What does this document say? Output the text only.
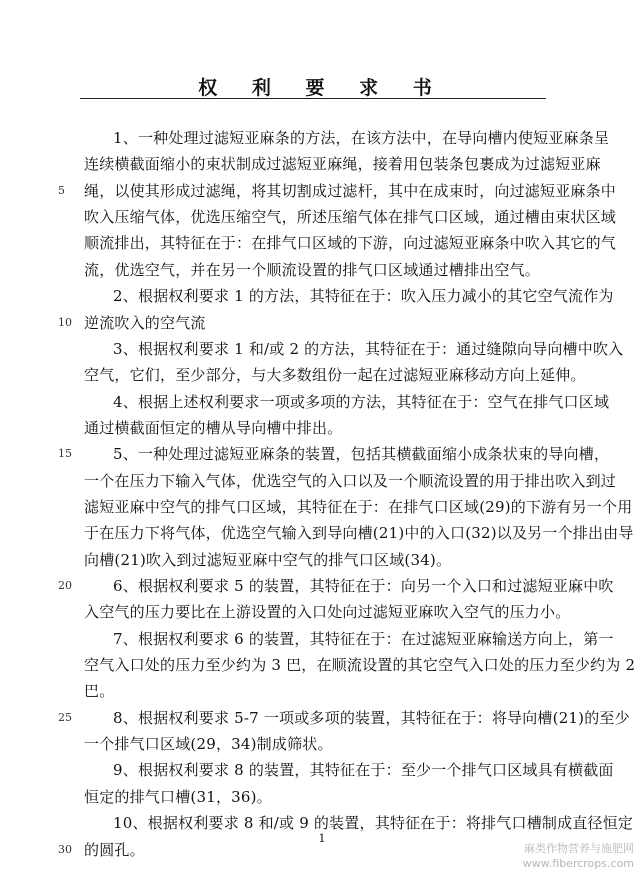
权 利 要 求 书
1、一种处理过滤短亚麻条的方法，在该方法中，在导向槽内使短亚麻条呈
连续横截面缩小的束状制成过滤短亚麻绳，接着用包装条包裹成为过滤短亚麻
绳，以使其形成过滤绳，将其切割成过滤杆，其中在成束时，向过滤短亚麻条中
吹入压缩气体，优选压缩空气，所述压缩气体在排气口区域，通过槽由束状区域
顺流排出，其特征在于：在排气口区域的下游，向过滤短亚麻条中吹入其它的气
流，优选空气，并在另一个顺流设置的排气口区域通过槽排出空气。
2、根据权利要求 1 的方法，其特征在于：吹入压力减小的其它空气流作为
逆流吹入的空气流
3、根据权利要求 1 和/或 2 的方法，其特征在于：通过缝隙向导向槽中吹入
空气，它们，至少部分，与大多数组份一起在过滤短亚麻移动方向上延伸。
4、根据上述权利要求一项或多项的方法，其特征在于：空气在排气口区域
通过横截面恒定的槽从导向槽中排出。
5、一种处理过滤短亚麻条的装置，包括其横截面缩小成条状束的导向槽，
一个在压力下输入气体，优选空气的入口以及一个顺流设置的用于排出吹入到过
滤短亚麻中空气的排气口区域，其特征在于：在排气口区域(29)的下游有另一个用
于在压力下将气体，优选空气输入到导向槽(21)中的入口(32)以及另一个排出由导
向槽(21)吹入到过滤短亚麻中空气的排气口区域(34)。
6、根据权利要求 5 的装置，其特征在于：向另一个入口和过滤短亚麻中吹
入空气的压力要比在上游设置的入口处向过滤短亚麻吹入空气的压力小。
7、根据权利要求 6 的装置，其特征在于：在过滤短亚麻输送方向上，第一
空气入口处的压力至少约为 3 巴，在顺流设置的其它空气入口处的压力至少约为 2
巴。
8、根据权利要求 5-7 一项或多项的装置，其特征在于：将导向槽(21)的至少
一个排气口区域(29，34)制成筛状。
9、根据权利要求 8 的装置，其特征在于：至少一个排气口区域具有横截面
恒定的排气口槽(31，36)。
10、根据权利要求 8 和/或 9 的装置，其特征在于：将排气口槽制成直径恒定
的圆孔。
5
10
15
20
25
30
1
麻类作物营养与施肥网
www.fibercrops.com
